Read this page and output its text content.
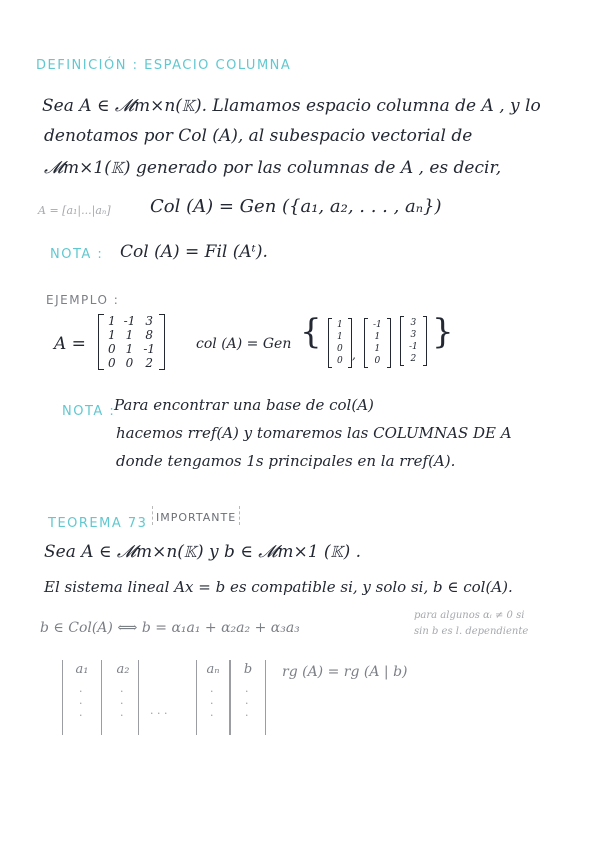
DEFINICIÓN : ESPACIO COLUMNA
Sea A ∈ 𝓜m×n(𝕂). Llamamos espacio columna de A , y lo
denotamos por Col (A), al subespacio vectorial de
𝓜m×1(𝕂) generado por las columnas de A , es decir,
A = [a₁|...|aₙ] Col (A) = Gen ({a₁, a₂, . . . , aₙ})
NOTA : Col (A) = Fil (Aᵗ).
EJEMPLO :
A =
1	-1	3
1	1	8
0	1	-1
0	0	2
col (A) = Gen { 1
1
0
0 ,
-1
1
1
0
3
3
-1
2
}
NOTA :
Para encontrar una base de col(A)
hacemos rref(A) y tomaremos las COLUMNAS DE A
donde tengamos 1s principales en la rref(A).
TEOREMA 73 IMPORTANTE
Sea A ∈ 𝓜m×n(𝕂) y b ∈ 𝓜m×1 (𝕂) .
El sistema lineal Ax = b es compatible si, y solo si, b ∈ col(A).
b ∈ Col(A) ⟺ b = α₁a₁ + α₂a₂ + α₃a₃
para algunos αᵢ ≠ 0 si
sin b es l. dependiente
a₁
·
·
·
a₂
·
·
· · · ·
aₙ
·
·
·
b
·
·
·
rg (A) = rg (A | b)
